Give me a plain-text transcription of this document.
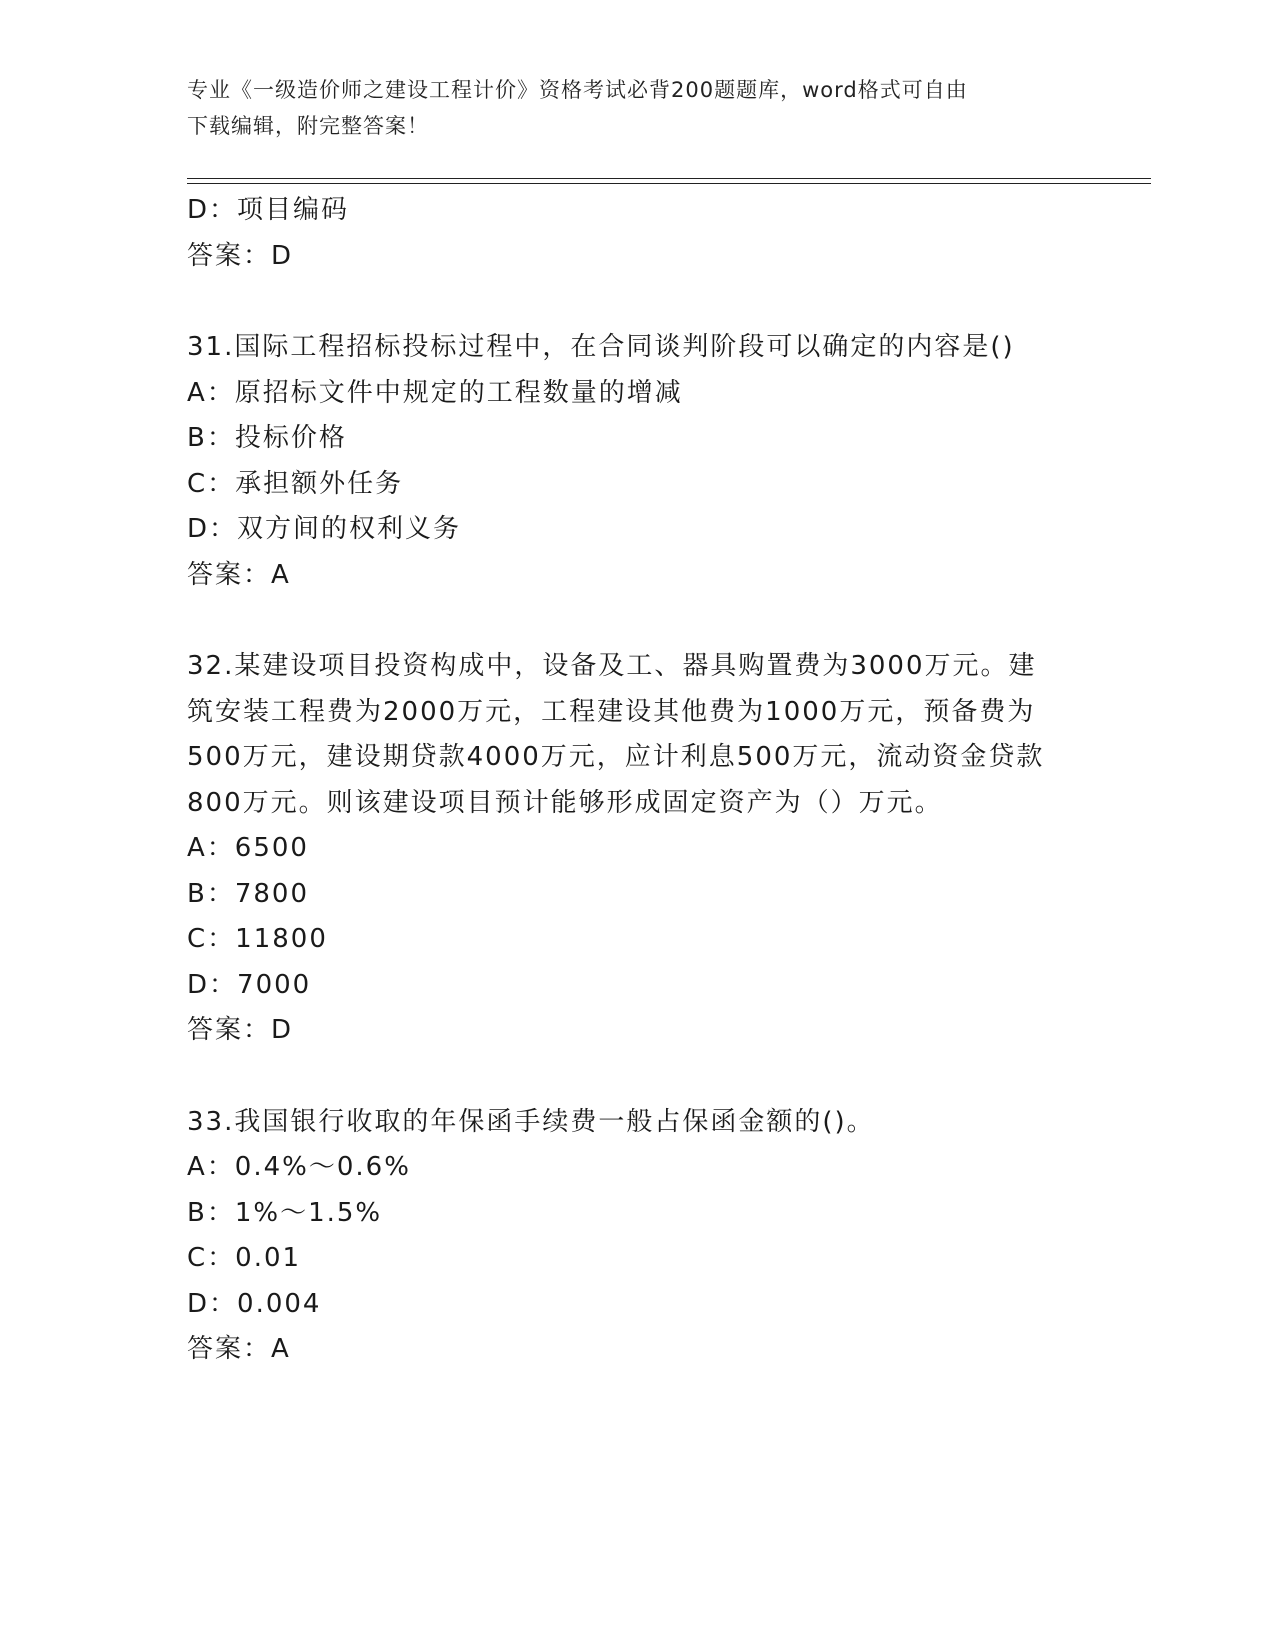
专业《一级造价师之建设工程计价》资格考试必背200题题库，word格式可自由
下载编辑，附完整答案！
D：项目编码
答案：D
31.国际工程招标投标过程中，在合同谈判阶段可以确定的内容是()
A：原招标文件中规定的工程数量的增减
B：投标价格
C：承担额外任务
D：双方间的权利义务
答案：A
32.某建设项目投资构成中，设备及工、器具购置费为3000万元。建
筑安装工程费为2000万元，工程建设其他费为1000万元，预备费为
500万元，建设期贷款4000万元，应计利息500万元，流动资金贷款
800万元。则该建设项目预计能够形成固定资产为（）万元。
A：6500
B：7800
C：11800
D：7000
答案：D
33.我国银行收取的年保函手续费一般占保函金额的()。
A：0.4%～0.6%
B：1%～1.5%
C：0.01
D：0.004
答案：A
